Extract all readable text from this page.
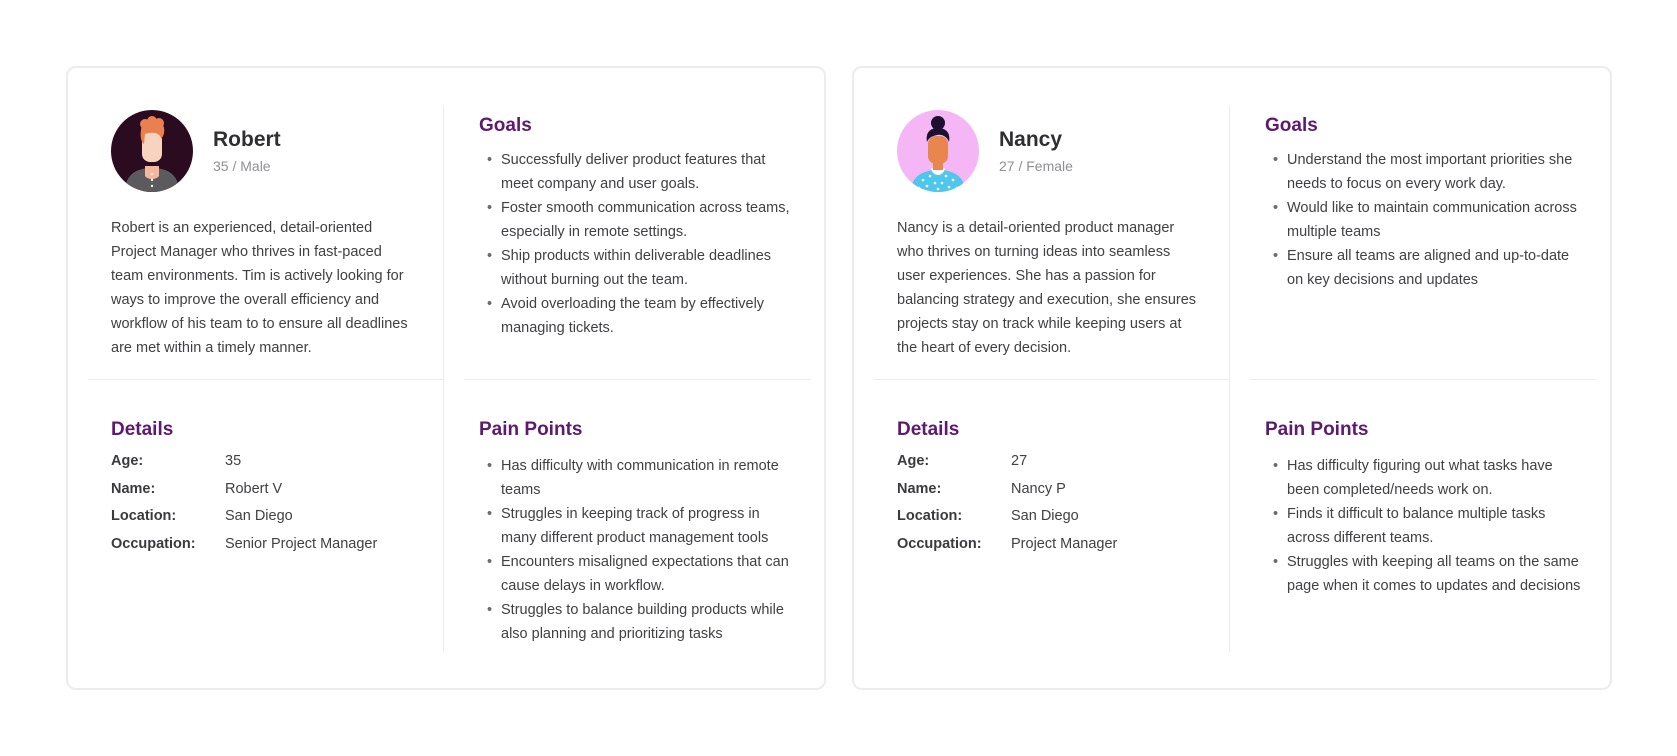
Robert
35 / Male

Robert is an experienced, detail-oriented Project Manager who thrives in fast-paced team environments. Tim is actively looking for ways to improve the overall efficiency and workflow of his team to to ensure all deadlines are met within a timely manner.

Goals
• Successfully deliver product features that meet company and user goals.
• Foster smooth communication across teams, especially in remote settings.
• Ship products within deliverable deadlines without burning out the team.
• Avoid overloading the team by effectively managing tickets.
Details
Age:	35
Name:	Robert V
Location:	San Diego
Occupation: Senior Project Manager
Pain Points
• Has difficulty with communication in remote teams
• Struggles in keeping track of progress in many different product management tools
• Encounters misaligned expectations that can cause delays in workflow.
• Struggles to balance building products while also planning and prioritizing tasks
Nancy
27 / Female

Nancy is a detail-oriented product manager who thrives on turning ideas into seamless user experiences. She has a passion for balancing strategy and execution, she ensures projects stay on track while keeping users at the heart of every decision.

Goals
• Understand the most important priorities she needs to focus on every work day.
• Would like to maintain communication across multiple teams
• Ensure all teams are aligned and up-to-date on key decisions and updates
Details
Age:	27
Name:	Nancy P
Location:	San Diego
Occupation: Project Manager
Pain Points
• Has difficulty figuring out what tasks have been completed/needs work on.
• Finds it difficult to balance multiple tasks across different teams.
• Struggles with keeping all teams on the same page when it comes to updates and decisions
